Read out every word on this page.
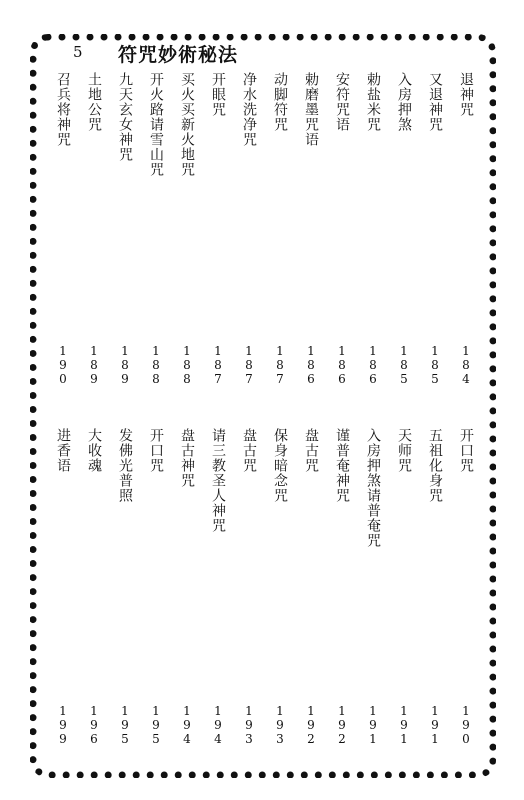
5 符咒妙術秘法
退神咒
1
8
4
又退神咒
1
8
5
入房押煞
1
8
5
勅盐米咒
1
8
6
安符咒语
1
8
6
勅磨墨咒语
1
8
6
动脚符咒
1
8
7
净水洗净咒
1
8
7
开眼咒
1
8
7
买火买新火地咒
1
8
8
开火路请雪山咒
1
8
8
九天玄女神咒
1
8
9
土地公咒
1
8
9
召兵将神咒
1
9
0
开口咒
1
9
0
五祖化身咒
1
9
1
天师咒
1
9
1
入房押煞请普奄咒
1
9
1
谨普奄神咒
1
9
2
盘古咒
1
9
2
保身暗念咒
1
9
3
盘古咒
1
9
3
请三教圣人神咒
1
9
4
盘古神咒
1
9
4
开口咒
1
9
5
发佛光普照
1
9
5
大收魂
1
9
6
进香语
1
9
9
